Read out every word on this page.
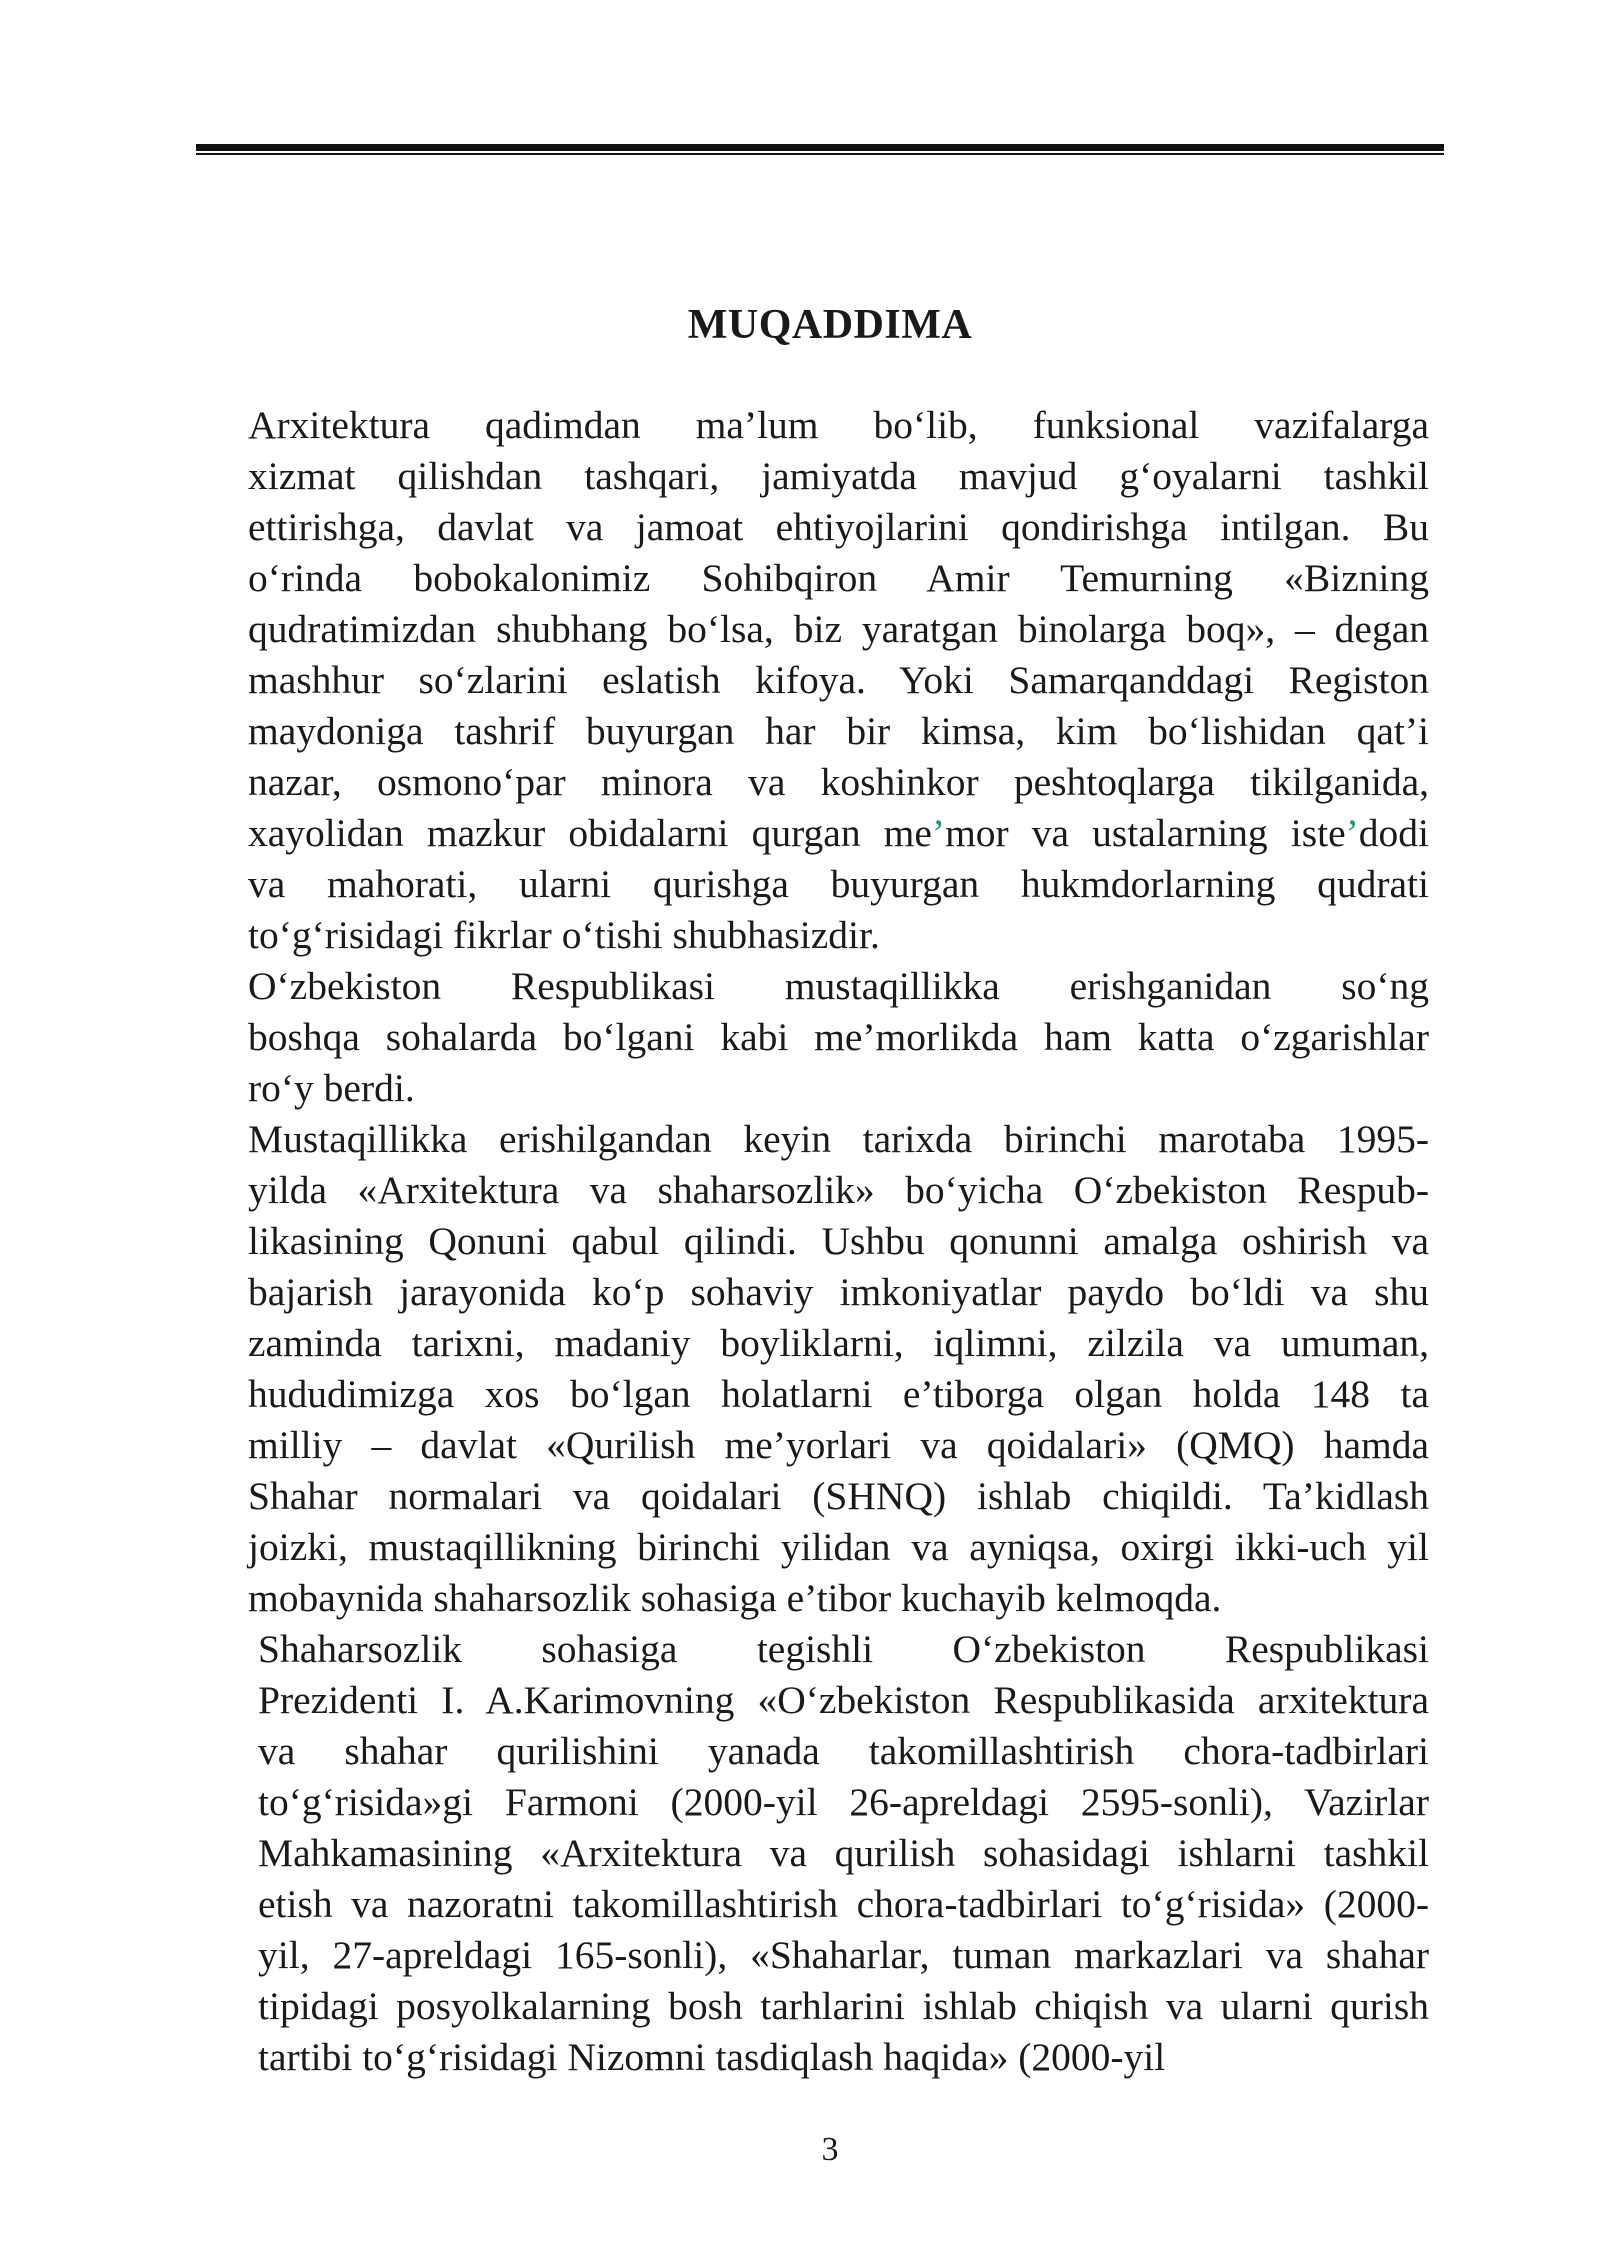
MUQADDIMA

Arxitektura qadimdan ma’lum bo‘lib, funksional vazifalarga
xizmat qilishdan tashqari, jamiyatda mavjud g‘oyalarni tashkil
ettirishga, davlat va jamoat ehtiyojlarini qondirishga intilgan. Bu
o‘rinda bobokalonimiz Sohibqiron Amir Temurning «Bizning
qudratimizdan shubhang bo‘lsa, biz yaratgan binolarga boq», – degan
mashhur so‘zlarini eslatish kifoya. Yoki Samarqanddagi Registon
maydoniga tashrif buyurgan har bir kimsa, kim bo‘lishidan qat’i
nazar, osmono‘par minora va koshinkor peshtoqlarga tikilganida,
xayolidan mazkur obidalarni qurgan me’mor va ustalarning iste’dodi
va mahorati, ularni qurishga buyurgan hukmdorlarning qudrati
to‘g‘risidagi fikrlar o‘tishi shubhasizdir.

O‘zbekiston Respublikasi mustaqillikka erishganidan so‘ng
boshqa sohalarda bo‘lgani kabi me’morlikda ham katta o‘zgarishlar
ro‘y berdi.

Mustaqillikka erishilgandan keyin tarixda birinchi marotaba 1995-
yilda «Arxitektura va shaharsozlik» bo‘yicha O‘zbekiston Respub-
likasining Qonuni qabul qilindi. Ushbu qonunni amalga oshirish va
bajarish jarayonida ko‘p sohaviy imkoniyatlar paydo bo‘ldi va shu
zaminda tarixni, madaniy boyliklarni, iqlimni, zilzila va umuman,
hududimizga xos bo‘lgan holatlarni e’tiborga olgan holda 148 ta
milliy – davlat «Qurilish me’yorlari va qoidalari» (QMQ) hamda
Shahar normalari va qoidalari (SHNQ) ishlab chiqildi. Ta’kidlash
joizki, mustaqillikning birinchi yilidan va ayniqsa, oxirgi ikki-uch yil
mobaynida shaharsozlik sohasiga e’tibor kuchayib kelmoqda.

Shaharsozlik sohasiga tegishli O‘zbekiston Respublikasi
Prezidenti I. A.Karimovning «O‘zbekiston Respublikasida arxitektura
va shahar qurilishini yanada takomillashtirish chora-tadbirlari
to‘g‘risida»gi Farmoni (2000-yil 26-apreldagi 2595-sonli), Vazirlar
Mahkamasining «Arxitektura va qurilish sohasidagi ishlarni tashkil
etish va nazoratni takomillashtirish chora-tadbirlari to‘g‘risida» (2000-
yil, 27-apreldagi 165-sonli), «Shaharlar, tuman markazlari va shahar
tipidagi posyolkalarning bosh tarhlarini ishlab chiqish va ularni qurish
tartibi to‘g‘risidagi Nizomni tasdiqlash haqida» (2000-yil

3
